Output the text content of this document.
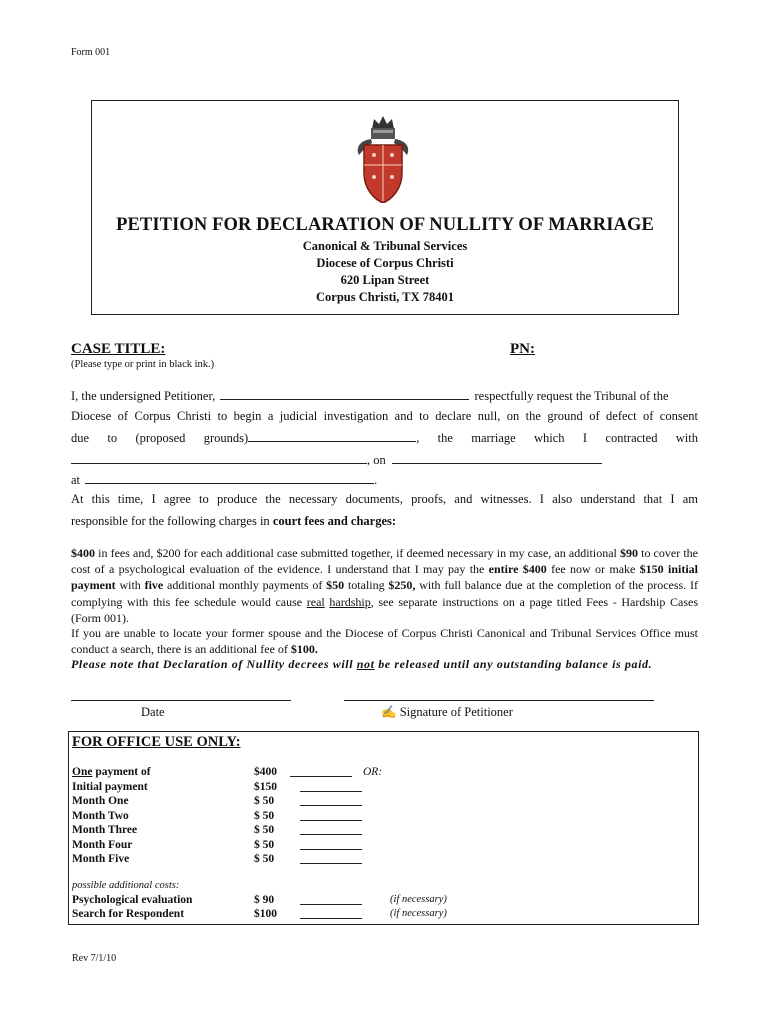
Form 001
PETITION FOR DECLARATION OF NULLITY OF MARRIAGE
Canonical & Tribunal Services
Diocese of Corpus Christi
620 Lipan Street
Corpus Christi, TX 78401
CASE TITLE:	PN:
(Please type or print in black ink.)
I, the undersigned Petitioner,	respectfully request the Tribunal of the
Diocese of Corpus Christi to begin a judicial investigation and to declare null, on the ground of defect of consent
due to (proposed grounds)	, the marriage which I contracted with
, on
at	.
At this time, I agree to produce the necessary documents, proofs, and witnesses. I also understand that I am
responsible for the following charges in court fees and charges:
$400 in fees and, $200 for each additional case submitted together, if deemed necessary in my case, an additional $90 to cover the cost of a psychological evaluation of the evidence. I understand that I may pay the entire $400 fee now or make $150 initial payment with five additional monthly payments of $50 totaling $250, with full balance due at the completion of the process. If complying with this fee schedule would cause real hardship, see separate instructions on a page titled Fees - Hardship Cases (Form 001).
If you are unable to locate your former spouse and the Diocese of Corpus Christi Canonical and Tribunal Services Office must conduct a search, there is an additional fee of $100.
Please note that Declaration of Nullity decrees will not be released until any outstanding balance is paid.
Date	✍ Signature of Petitioner
FOR OFFICE USE ONLY:
One payment of	$400	OR:
Initial payment	$150
Month One	$ 50
Month Two	$ 50
Month Three	$ 50
Month Four	$ 50
Month Five	$ 50
possible additional costs:
Psychological evaluation	$ 90	(if necessary)
Search for Respondent	$100	(if necessary)
Rev 7/1/10
